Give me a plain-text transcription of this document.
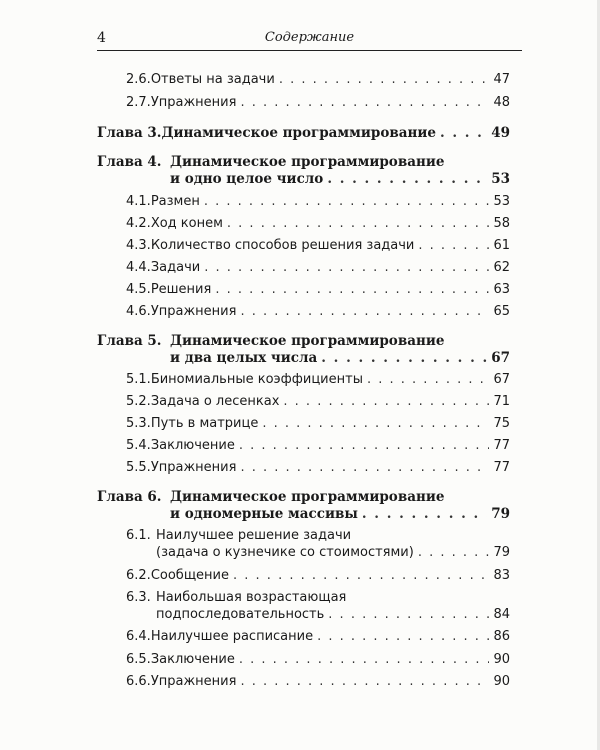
4	Содержание
2.6. Ответы на задачи . . .	47
2.7. Упражнения . . .	48
Глава 3. Динамическое программирование . . .	49
Глава 4. Динамическое программирование
и одно целое число . . .	53
4.1. Размен . . .	53
4.2. Ход конем . . .	58
4.3. Количество способов решения задачи . . .	61
4.4. Задачи . . .	62
4.5. Решения . . .	63
4.6. Упражнения . . .	65
Глава 5. Динамическое программирование
и два целых числа . . .	67
5.1. Биномиальные коэффициенты . . .	67
5.2. Задача о лесенках . . .	71
5.3. Путь в матрице . . .	75
5.4. Заключение . . .	77
5.5. Упражнения . . .	77
Глава 6. Динамическое программирование
и одномерные массивы . . .	79
6.1. Наилучшее решение задачи
(задача о кузнечике со стоимостями) . . .	79
6.2. Сообщение . . .	83
6.3. Наибольшая возрастающая
подпоследовательность . . .	84
6.4. Наилучшее расписание . . .	86
6.5. Заключение . . .	90
6.6. Упражнения . . .	90
